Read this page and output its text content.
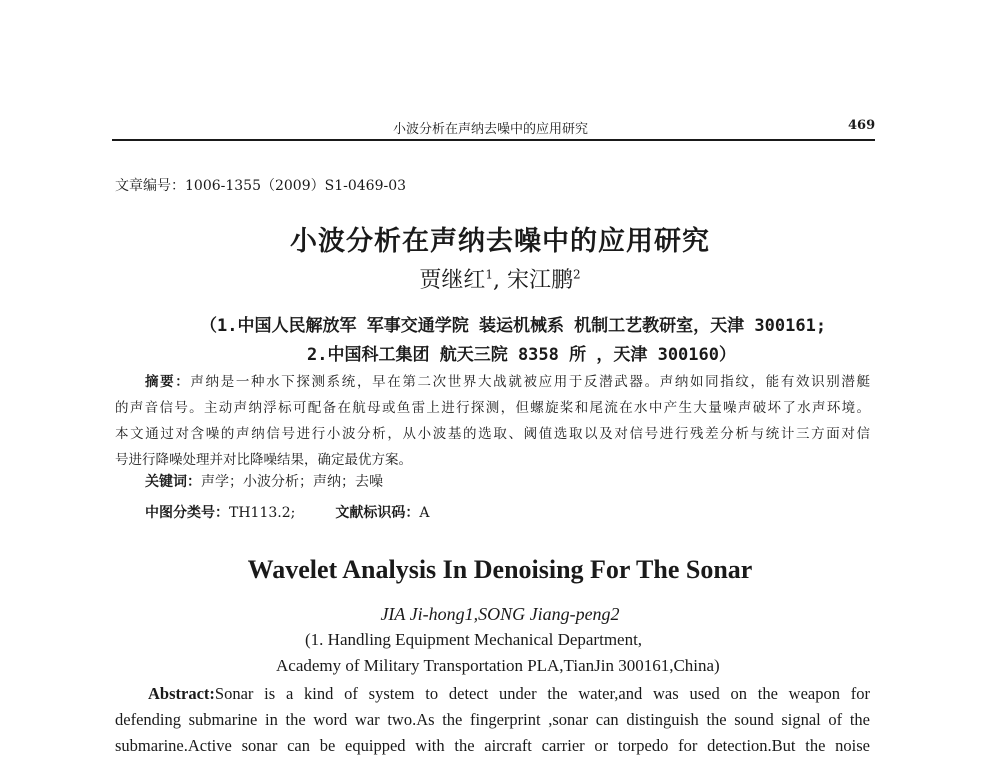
小波分析在声纳去噪中的应用研究	469
文章编号：1006-1355（2009）S1-0469-03
小波分析在声纳去噪中的应用研究
贾继红$^1$, 宋江鹏$^2$
（1.中国人民解放军 军事交通学院 装运机械系 机制工艺教研室，天津 300161;
2.中国科工集团 航天三院 8358 所 ，天津 300160）
摘要：声纳是一种水下探测系统，早在第二次世界大战就被应用于反潜武器。声纳如同指纹，能有效识别潜艇
的声音信号。主动声纳浮标可配备在航母或鱼雷上进行探测，但螺旋桨和尾流在水中产生大量噪声破坏了水声环境。
本文通过对含噪的声纳信号进行小波分析，从小波基的选取、阈值选取以及对信号进行残差分析与统计三方面对信
号进行降噪处理并对比降噪结果，确定最优方案。
关键词：声学；小波分析；声纳；去噪
中图分类号：TH113.2;	文献标识码：A
Wavelet Analysis In Denoising For The Sonar
JIA Ji-hong1,SONG Jiang-peng2
(1. Handling Equipment Mechanical Department,
Academy of Military Transportation PLA,TianJin 300161,China)
Abstract:Sonar is a kind of system to detect under the water,and was used on the weapon for
defending submarine in the word war two.As the fingerprint ,sonar can distinguish the sound signal of the
submarine.Active sonar can be equipped with the aircraft carrier or torpedo for detection.But the noise
